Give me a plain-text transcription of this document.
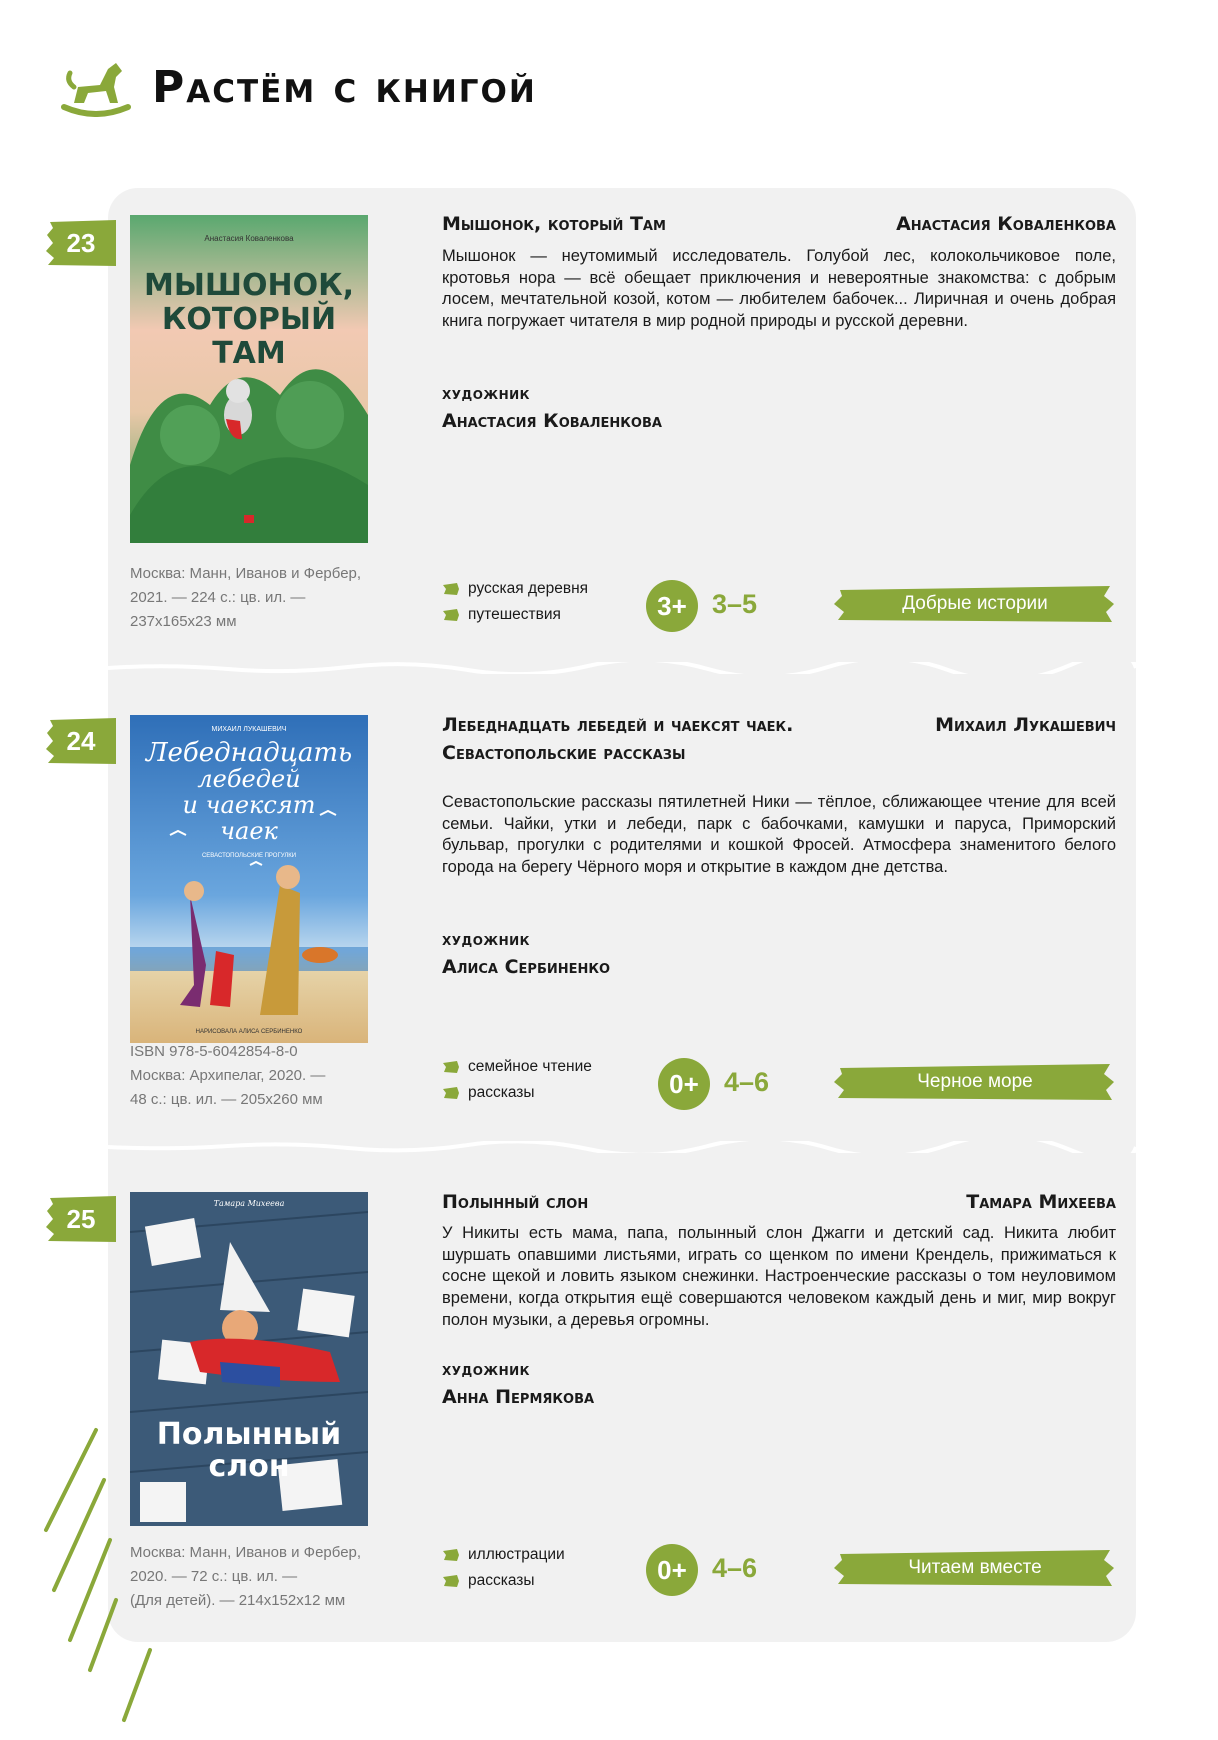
Растём с книгой
23	Анастасия Коваленкова
МЫШОНОК,
КОТОРЫЙ
ТАМ
Москва: Манн, Иванов и Фербер,
2021. — 224 с.: цв. ил. —
237х165х23 мм
Мышонок, который Там	Анастасия Коваленкова
Мышонок — неутомимый исследователь. Голубой лес, колокольчиковое поле, кротовья нора — всё обещает приключения и невероятные знакомства: с добрым лосем, мечтательной козой, котом — любителем бабочек... Лиричная и очень добрая книга погружает читателя в мир родной природы и русской деревни.
художник
Анастасия Коваленкова
русская деревня
путешествия	3+ 3–5	Добрые истории
24	МИХАИЛ ЛУКАШЕВИЧ
Лебеднадцать
лебедей
и чаексят
чаек
СЕВАСТОПОЛЬСКИЕ ПРОГУЛКИ
НАРИСОВАЛА АЛИСА СЕРБИНЕНКО
ISBN 978-5-6042854-8-0
Москва: Архипелаг, 2020. —
48 с.: цв. ил. — 205х260 мм
Лебеднадцать лебедей и чаексят чаек.
Севастопольские рассказы
Михаил Лукашевич
Севастопольские рассказы пятилетней Ники — тёплое, сближающее чтение для всей семьи. Чайки, утки и лебеди, парк с бабочками, камушки и паруса, Приморский бульвар, прогулки с родителями и кошкой Фросей. Атмосфера знаменитого белого города на берегу Чёрного моря и открытие в каждом дне детства.
художник
Алиса Сербиненко
семейное чтение
рассказы	0+ 4–6	Черное море
25
Тамара Михеева
Полынный
слон
Москва: Манн, Иванов и Фербер,
2020. — 72 с.: цв. ил. —
(Для детей). — 214х152х12 мм
Полынный слон	Тамара Михеева
У Никиты есть мама, папа, полынный слон Джагги и детский сад. Никита любит шуршать опавшими листьями, играть со щенком по имени Крендель, прижиматься к сосне щекой и ловить языком снежинки. Настроенческие рассказы о том неуловимом времени, когда открытия ещё совершаются человеком каждый день и миг, мир вокруг полон музыки, а деревья огромны.
художник
Анна Пермякова
иллюстрации
рассказы	0+ 4–6	Читаем вместе
